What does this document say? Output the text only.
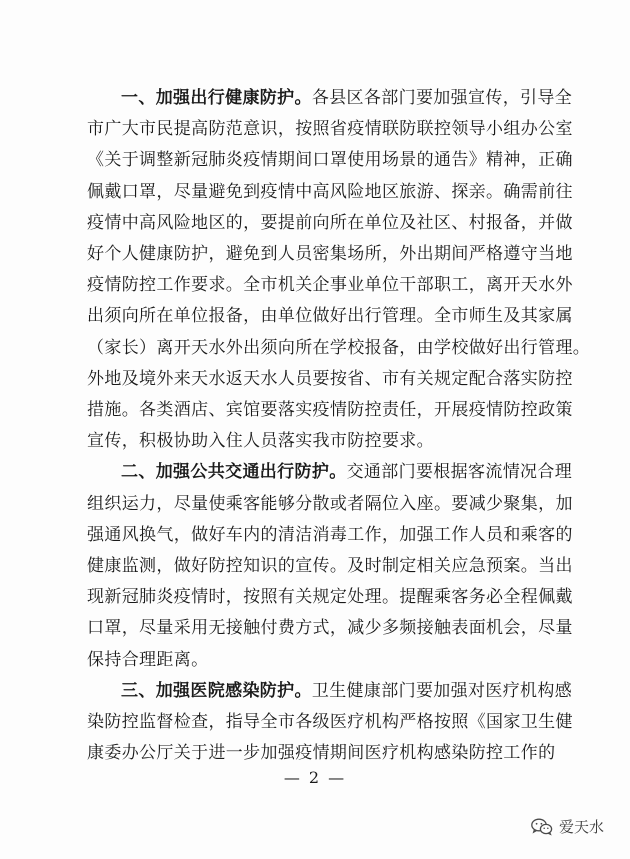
一、加强出行健康防护。各县区各部门要加强宣传，引导全
市广大市民提高防范意识，按照省疫情联防联控领导小组办公室
《关于调整新冠肺炎疫情期间口罩使用场景的通告》精神，正确
佩戴口罩，尽量避免到疫情中高风险地区旅游、探亲。确需前往
疫情中高风险地区的，要提前向所在单位及社区、村报备，并做
好个人健康防护，避免到人员密集场所，外出期间严格遵守当地
疫情防控工作要求。全市机关企事业单位干部职工，离开天水外
出须向所在单位报备，由单位做好出行管理。全市师生及其家属
（家长）离开天水外出须向所在学校报备，由学校做好出行管理。
外地及境外来天水返天水人员要按省、市有关规定配合落实防控
措施。各类酒店、宾馆要落实疫情防控责任，开展疫情防控政策
宣传，积极协助入住人员落实我市防控要求。

二、加强公共交通出行防护。交通部门要根据客流情况合理
组织运力，尽量使乘客能够分散或者隔位入座。要减少聚集，加
强通风换气，做好车内的清洁消毒工作，加强工作人员和乘客的
健康监测，做好防控知识的宣传。及时制定相关应急预案。当出
现新冠肺炎疫情时，按照有关规定处理。提醒乘客务必全程佩戴
口罩，尽量采用无接触付费方式，减少多频接触表面机会，尽量
保持合理距离。

三、加强医院感染防护。卫生健康部门要加强对医疗机构感
染防控监督检查，指导全市各级医疗机构严格按照《国家卫生健
康委办公厅关于进一步加强疫情期间医疗机构感染防控工作的

— 2 —
爱天水
